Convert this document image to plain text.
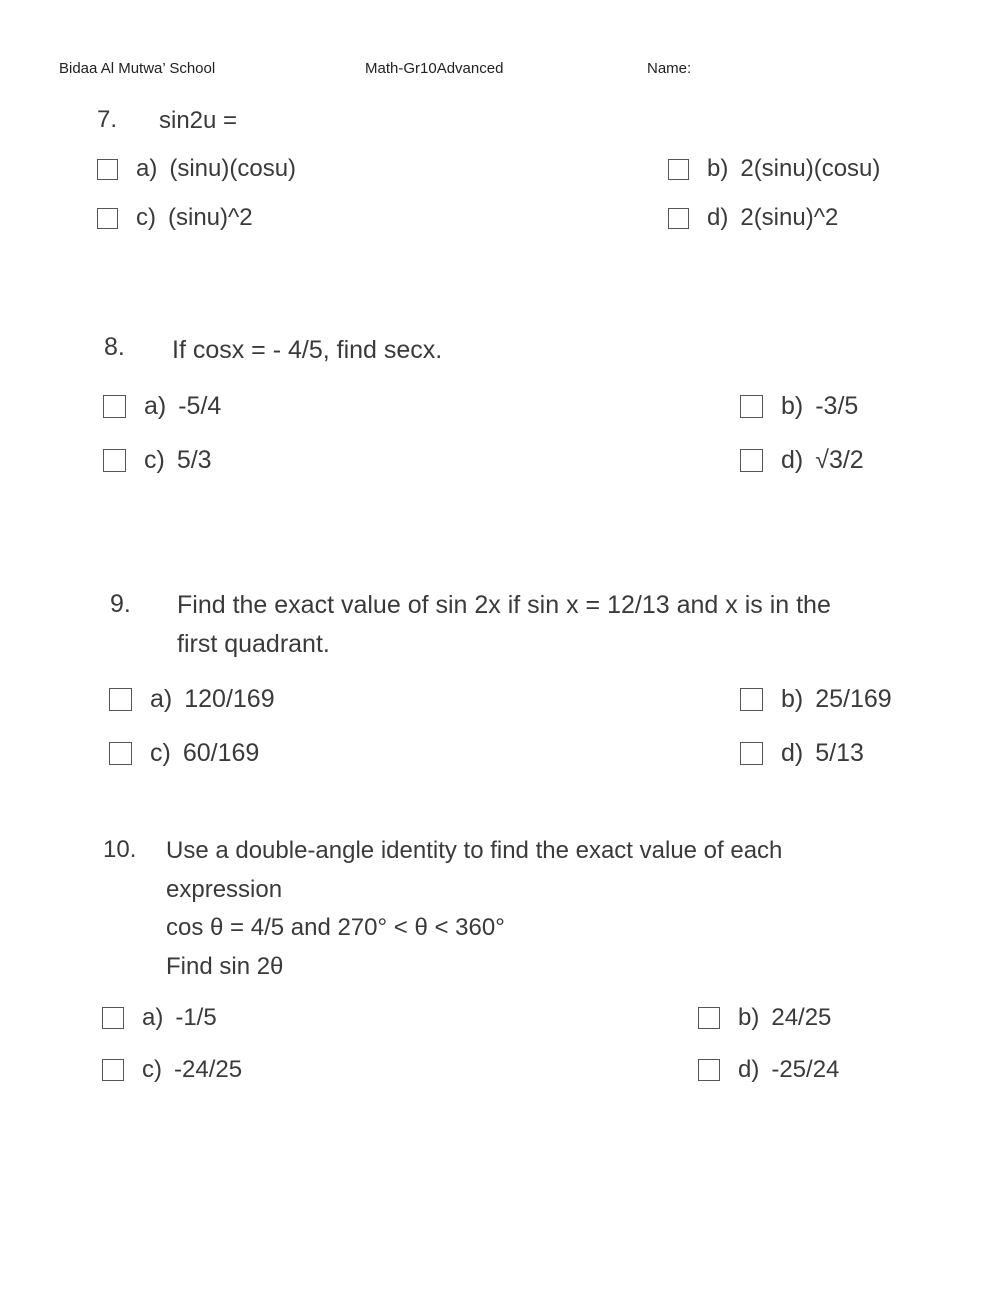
Bidaa Al Mutwa’ School	Math-Gr10Advanced	Name:
7. sin2u =
a) (sinu)(cosu)	b) 2(sinu)(cosu)
c) (sinu)^2	d) 2(sinu)^2
8. If cosx = - 4/5, find secx.
a) -5/4	b) -3/5
c) 5/3	d) √3/2
9. Find the exact value of sin 2x if sin x = 12/13 and x is in the
first quadrant.
a) 120/169	b) 25/169
c) 60/169	d) 5/13
10. Use a double-angle identity to find the exact value of each
expression
cos θ = 4/5 and 270° < θ < 360°
Find sin 2θ
a) -1/5	b) 24/25
c) -24/25	d) -25/24
